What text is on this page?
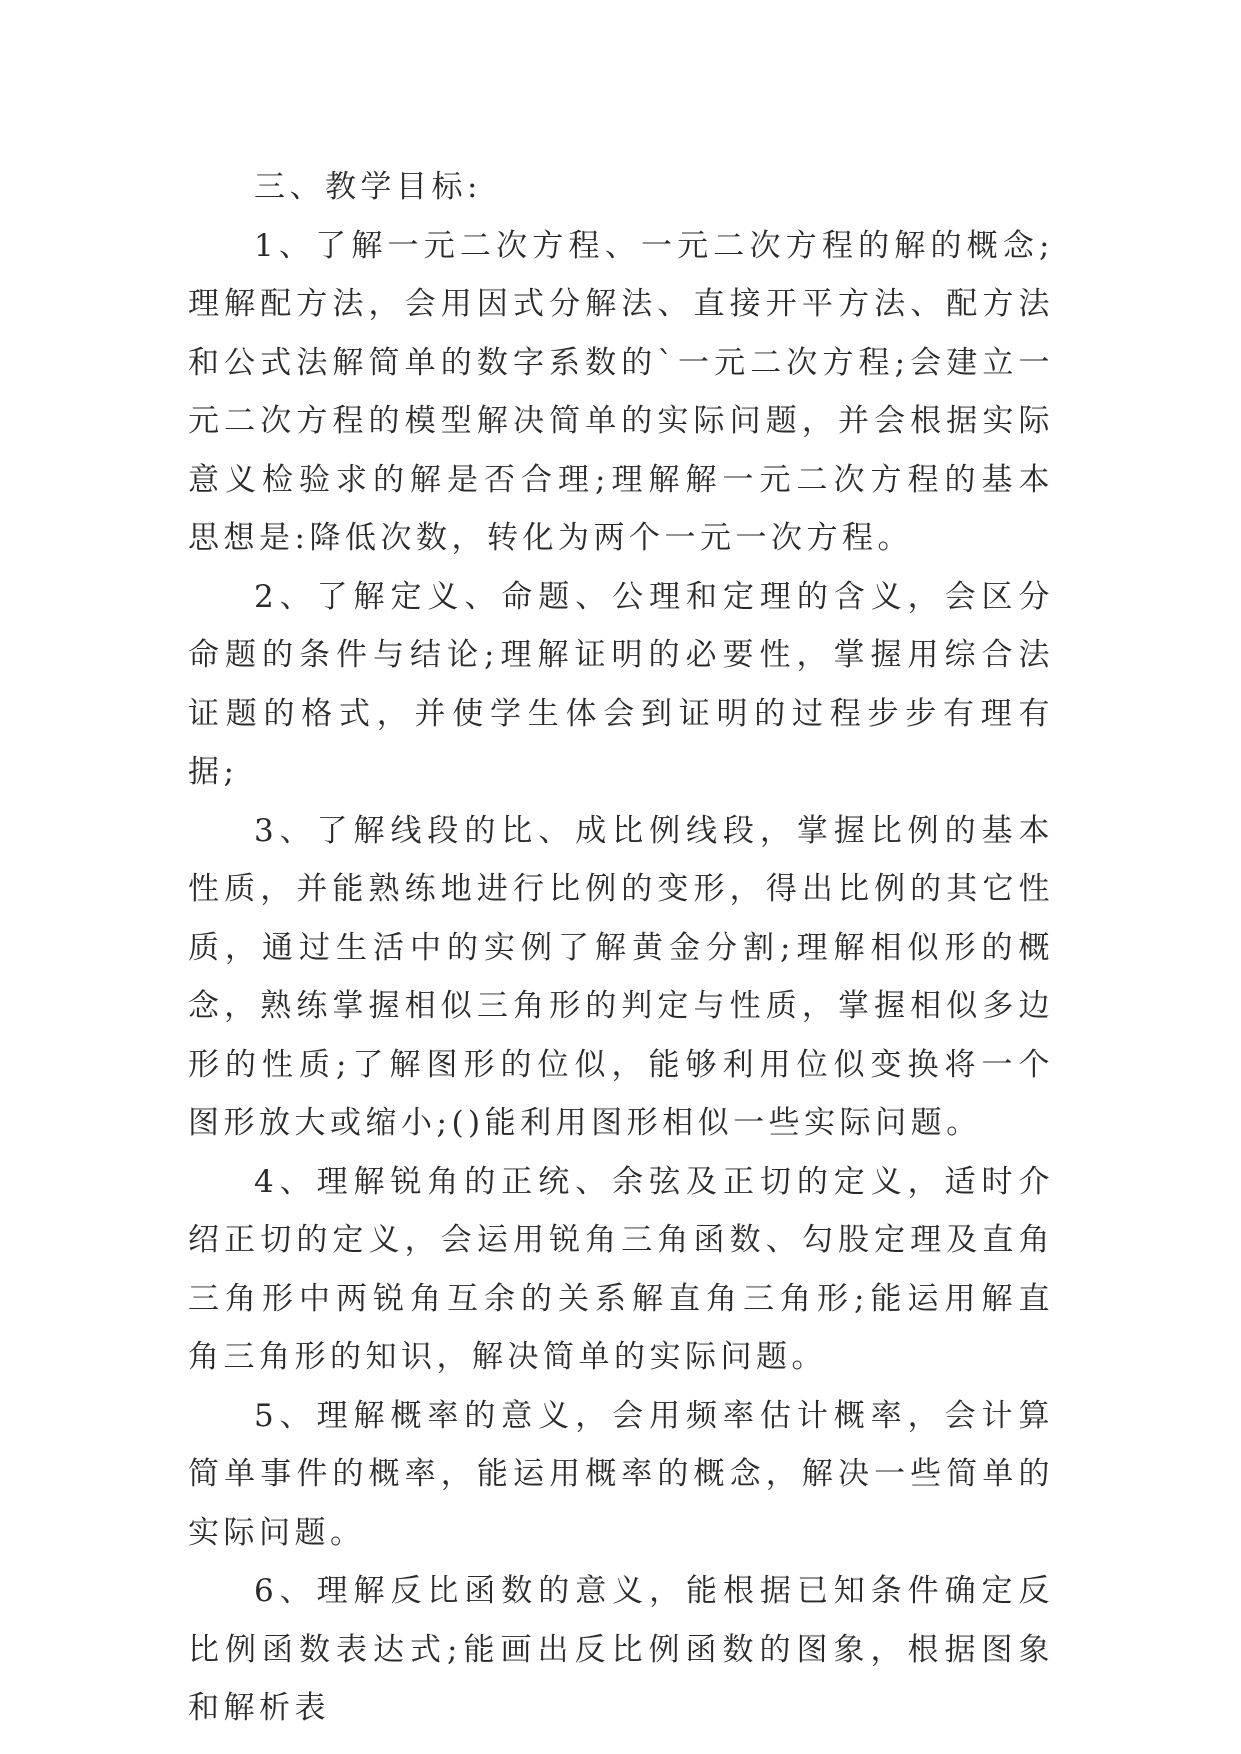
三、教学目标:

1、了解一元二次方程、一元二次方程的解的概念;理解配方法，会用因式分解法、直接开平方法、配方法和公式法解简单的数字系数的`一元二次方程;会建立一元二次方程的模型解决简单的实际问题，并会根据实际意义检验求的解是否合理;理解解一元二次方程的基本思想是:降低次数，转化为两个一元一次方程。

2、了解定义、命题、公理和定理的含义，会区分命题的条件与结论;理解证明的必要性，掌握用综合法证题的格式，并使学生体会到证明的过程步步有理有据;

3、了解线段的比、成比例线段，掌握比例的基本性质，并能熟练地进行比例的变形，得出比例的其它性质，通过生活中的实例了解黄金分割;理解相似形的概念，熟练掌握相似三角形的判定与性质，掌握相似多边形的性质;了解图形的位似，能够利用位似变换将一个图形放大或缩小;()能利用图形相似一些实际问题。

4、理解锐角的正统、余弦及正切的定义，适时介绍正切的定义，会运用锐角三角函数、勾股定理及直角三角形中两锐角互余的关系解直角三角形;能运用解直角三角形的知识，解决简单的实际问题。

5、理解概率的意义，会用频率估计概率，会计算简单事件的概率，能运用概率的概念，解决一些简单的实际问题。

6、理解反比函数的意义，能根据已知条件确定反比例函数表达式;能画出反比例函数的图象，根据图象和解析表
